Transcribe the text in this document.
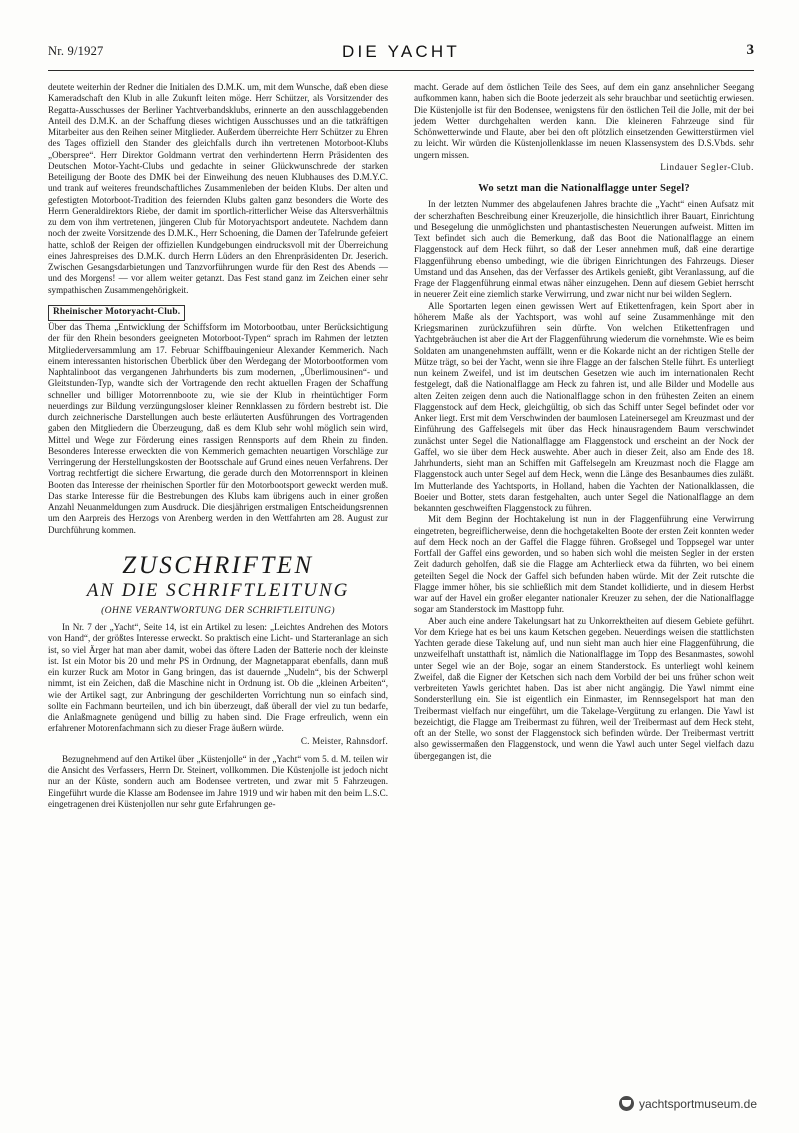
Nr. 9/1927	DIE YACHT	3

deutete weiterhin der Redner die Initialen des D.M.K. um, mit dem Wunsche, daß eben diese Kameradschaft den Klub in alle Zukunft leiten möge. Herr Schützer, als Vorsitzender des Regatta-Ausschusses der Berliner Yachtverbandsklubs, erinnerte an den ausschlaggebenden Anteil des D.M.K. an der Schaffung dieses wichtigen Ausschusses und an die tatkräftigen Mitarbeiter aus den Reihen seiner Mitglieder. Außerdem überreichte Herr Schützer zu Ehren des Tages offiziell den Stander des gleichfalls durch ihn vertretenen Motorboot-Klubs „Oberspree“. Herr Direktor Goldmann vertrat den verhindertenn Herrn Präsidenten des Deutschen Motor-Yacht-Clubs und gedachte in seiner Glückwunschrede der starken Beteiligung der Boote des DMK bei der Einweihung des neuen Klubhauses des D.M.Y.C. und trank auf weiteres freundschaftliches Zusammenleben der beiden Klubs. Der alten und gefestigten Motorboot-Tradition des feiernden Klubs galten ganz besonders die Worte des Herrn Generaldirektors Riebe, der damit im sportlich-ritterlicher Weise das Altersverhältnis zu dem von ihm vertretenen, jüngeren Club für Motoryachtsport andeutete. Nachdem dann noch der zweite Vorsitzende des D.M.K., Herr Schoening, die Damen der Tafelrunde gefeiert hatte, schloß der Reigen der offiziellen Kundgebungen eindrucksvoll mit der Überreichung eines Jahrespreises des D.M.K. durch Herrn Lüders an den Ehrenpräsidenten Dr. Jeserich. Zwischen Gesangsdarbietungen und Tanzvorführungen wurde für den Rest des Abends — und des Morgens! — vor allem weiter getanzt. Das Fest stand ganz im Zeichen einer sehr sympathischen Zusammengehörigkeit.

Rheinischer Motoryacht-Club.

Über das Thema „Entwicklung der Schiffsform im Motorbootbau, unter Berücksichtigung der für den Rhein besonders geeigneten Motorboot-Typen“ sprach im Rahmen der letzten Mitgliederversammlung am 17. Februar Schiffbauingenieur Alexander Kemmerich. Nach einem interessanten historischen Überblick über den Werdegang der Motorbootformen vom Naphtalinboot das vergangenen Jahrhunderts bis zum modernen, „Überlimousinen“- und Gleitstunden-Typ, wandte sich der Vortragende den recht aktuellen Fragen der Schaffung schneller und billiger Motorrennboote zu, wie sie der Klub in rheintüchtiger Form neuerdings zur Bildung verzüngungsloser kleiner Rennklassen zu fördern bestrebt ist. Die durch zeichnerische Darstellungen auch beste erläuterten Ausführungen des Vortragenden gaben den Mitgliedern die Überzeugung, daß es dem Klub sehr wohl möglich sein wird, Mittel und Wege zur Förderung eines rassigen Rennsports auf dem Rhein zu finden. Besonderes Interesse erweckten die von Kemmerich gemachten neuartigen Vorschläge zur Verringerung der Herstellungskosten der Bootsschale auf Grund eines neuen Verfahrens. Der Vortrag rechtfertigt die sichere Erwartung, die gerade durch den Motorrennsport in kleinen Booten das Interesse der rheinischen Sportler für den Motorbootsport geweckt werden muß. Das starke Interesse für die Bestrebungen des Klubs kam übrigens auch in einer großen Anzahl Neuanmeldungen zum Ausdruck. Die diesjährigen erstmaligen Entscheidungsrennen um den Aarpreis des Herzogs von Arenberg werden in den Wettfahrten am 28. August zur Durchführung kommen.

ZUSCHRIFTEN
AN DIE SCHRIFTLEITUNG
(OHNE VERANTWORTUNG DER SCHRIFTLEITUNG)

In Nr. 7 der „Yacht“, Seite 14, ist ein Artikel zu lesen: „Leichtes Andrehen des Motors von Hand“, der größtes Interesse erweckt. So praktisch eine Licht- und Starteranlage an sich ist, so viel Ärger hat man aber damit, wobei das öftere Laden der Batterie noch der kleinste ist. Ist ein Motor bis 20 und mehr PS in Ordnung, der Magnetapparat ebenfalls, dann muß ein kurzer Ruck am Motor in Gang bringen, das ist dauernde „Nudeln“, bis der Schwerpl nimmt, ist ein Zeichen, daß die Maschine nicht in Ordnung ist. Ob die „kleinen Arbeiten“, wie der Artikel sagt, zur Anbringung der geschilderten Vorrichtung nun so einfach sind, sollte ein Fachmann beurteilen, und ich bin überzeugt, daß überall der viel zu tun bedarfe, die Anlaßmagnete genügend und billig zu haben sind. Die Frage erfreulich, wenn ein erfahrener Motorenfachmann sich zu dieser Frage äußern würde.

C. Meister, Rahnsdorf.

Bezugnehmend auf den Artikel über „Küstenjolle“ in der „Yacht“ vom 5. d. M. teilen wir die Ansicht des Verfassers, Herrn Dr. Steinert, vollkommen. Die Küstenjolle ist jedoch nicht nur an der Küste, sondern auch am Bodensee vertreten, und zwar mit 5 Fahrzeugen. Eingeführt wurde die Klasse am Bodensee im Jahre 1919 und wir haben mit den beim L.S.C. eingetragenen drei Küstenjollen nur sehr gute Erfahrungen ge-

macht. Gerade auf dem östlichen Teile des Sees, auf dem ein ganz ansehnlicher Seegang aufkommen kann, haben sich die Boote jederzeit als sehr brauchbar und seetüchtig erwiesen. Die Küstenjolle ist für den Bodensee, wenigstens für den östlichen Teil die Jolle, mit der bei jedem Wetter durchgehalten werden kann. Die kleineren Fahrzeuge sind für Schönwetterwinde und Flaute, aber bei den oft plötzlich einsetzenden Gewitterstürmen viel zu leicht. Wir würden die Küstenjollenklasse im neuen Klassensystem des D.S.Vbds. sehr ungern missen.

Lindauer Segler-Club.
Wo setzt man die Nationalflagge unter Segel?

In der letzten Nummer des abgelaufenen Jahres brachte die „Yacht“ einen Aufsatz mit der scherzhaften Beschreibung einer Kreuzerjolle, die hinsichtlich ihrer Bauart, Einrichtung und Besegelung die unmöglichsten und phantastischesten Neuerungen aufweist. Mitten im Text befindet sich auch die Bemerkung, daß das Boot die Nationalflagge an einem Flaggenstock auf dem Heck führt, so daß der Leser annehmen muß, daß eine derartige Flaggenführung ebenso umbedingt, wie die übrigen Einrichtungen des Fahrzeugs. Dieser Umstand und das Ansehen, das der Verfasser des Artikels genießt, gibt Veranlassung, auf die Frage der Flaggenführung einmal etwas näher einzugehen. Denn auf diesem Gebiet herrscht in neuerer Zeit eine ziemlich starke Verwirrung, und zwar nicht nur bei wilden Seglern.

Alle Sportarten legen einen gewissen Wert auf Etikettenfragen, kein Sport aber in höherem Maße als der Yachtsport, was wohl auf seine Zusammenhänge mit den Kriegsmarinen zurückzuführen sein dürfte. Von welchen Etikettenfragen und Yachtgebräuchen ist aber die Art der Flaggenführung wiederum die vornehmste. Wie es beim Soldaten am unangenehmsten auffällt, wenn er die Kokarde nicht an der richtigen Stelle der Mütze trägt, so bei der Yacht, wenn sie ihre Flagge an der falschen Stelle führt. Es unterliegt nun keinem Zweifel, und ist im deutschen Gesetzen wie auch im internationalen Recht festgelegt, daß die Nationalflagge am Heck zu fahren ist, und alle Bilder und Modelle aus alten Zeiten zeigen denn auch die Nationalflagge schon in den frühesten Zeiten an einem Flaggenstock auf dem Heck, gleichgültig, ob sich das Schiff unter Segel befindet oder vor Anker liegt. Erst mit dem Verschwinden der baumlosen Lateinersegel am Kreuzmast und der Einführung des Gaffelsegels mit über das Heck hinausragendem Baum verschwindet zunächst unter Segel die Nationalflagge am Flaggenstock und erscheint an der Nock der Gaffel, wo sie über dem Heck auswehte. Aber auch in dieser Zeit, also am Ende des 18. Jahrhunderts, sieht man an Schiffen mit Gaffelsegeln am Kreuzmast noch die Flagge am Flaggenstock auch unter Segel auf dem Heck, wenn die Länge des Besanbaumes dies zuläßt. Im Mutterlande des Yachtsports, in Holland, haben die Yachten der Nationalklassen, die Boeier und Botter, stets daran festgehalten, auch unter Segel die Nationalflagge an dem bekannten geschweiften Flaggenstock zu führen.

Mit dem Beginn der Hochtakelung ist nun in der Flaggenführung eine Verwirrung eingetreten, begreiflicherweise, denn die hochgetakelten Boote der ersten Zeit konnten weder auf dem Heck noch an der Gaffel die Flagge führen. Großsegel und Toppsegel war unter Fortfall der Gaffel eins geworden, und so haben sich wohl die meisten Segler in der ersten Zeit dadurch geholfen, daß sie die Flagge am Achterlieck etwa da führten, wo bei einem geteilten Segel die Nock der Gaffel sich befunden haben würde. Mit der Zeit rutschte die Flagge immer höher, bis sie schließlich mit dem Standet kollidierte, und in diesem Herbst war auf der Havel ein großer eleganter nationaler Kreuzer zu sehen, der die Nationalflagge sogar am Standerstock im Masttopp fuhr.

Aber auch eine andere Takelungsart hat zu Unkorrektheiten auf diesem Gebiete geführt. Vor dem Kriege hat es bei uns kaum Ketschen gegeben. Neuerdings weisen die stattlichsten Yachten gerade diese Takelung auf, und nun sieht man auch hier eine Flaggenführung, die unzweifelhaft unstatthaft ist, nämlich die Nationalflagge im Topp des Besanmastes, sowohl unter Segel wie an der Boje, sogar an einem Standerstock. Es unterliegt wohl keinem Zweifel, daß die Eigner der Ketschen sich nach dem Vorbild der bei uns früher schon weit verbreiteten Yawls gerichtet haben. Das ist aber nicht angängig. Die Yawl nimmt eine Sondersterllung ein. Sie ist eigentlich ein Einmaster, im Rennsegelsport hat man den Treibermast vielfach nur eingeführt, um die Takelage-Vergütung zu erlangen. Die Yawl ist bezeichtigt, die Flagge am Treibermast zu führen, weil der Treibermast auf dem Heck steht, oft an der Stelle, wo sonst der Flaggenstock sich befinden würde. Der Treibermast vertritt also gewissermaßen den Flaggenstock, und wenn die Yawl auch unter Segel vielfach dazu übergegangen ist, die

yachtsportmuseum.de
